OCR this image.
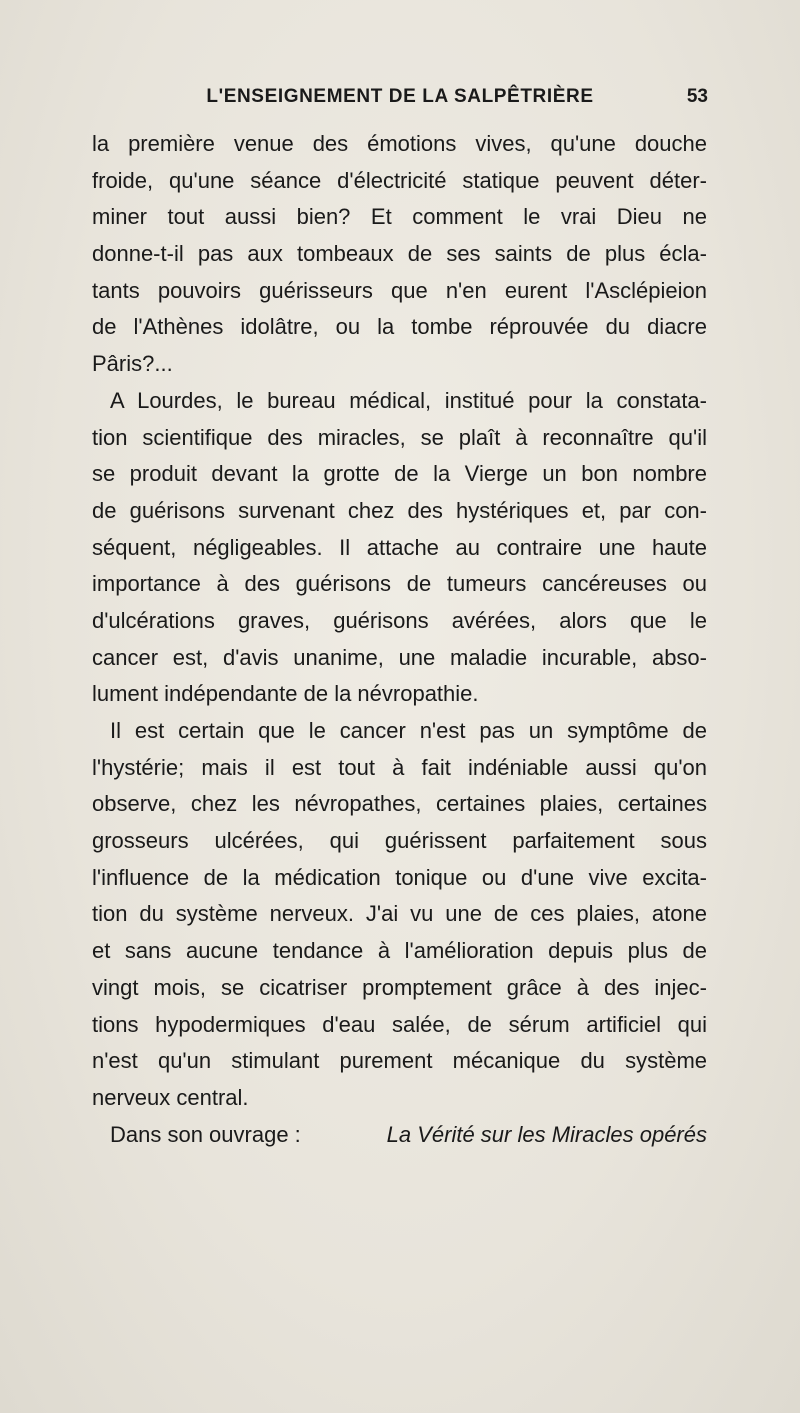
L'ENSEIGNEMENT DE LA SALPÊTRIÈRE	53
la première venue des émotions vives, qu'une douche
froide, qu'une séance d'électricité statique peuvent déter-
miner tout aussi bien? Et comment le vrai Dieu ne
donne-t-il pas aux tombeaux de ses saints de plus écla-
tants pouvoirs guérisseurs que n'en eurent l'Asclépieion
de l'Athènes idolâtre, ou la tombe réprouvée du diacre
Pâris?...
A Lourdes, le bureau médical, institué pour la constata-
tion scientifique des miracles, se plaît à reconnaître qu'il
se produit devant la grotte de la Vierge un bon nombre
de guérisons survenant chez des hystériques et, par con-
séquent, négligeables. Il attache au contraire une haute
importance à des guérisons de tumeurs cancéreuses ou
d'ulcérations graves, guérisons avérées, alors que le
cancer est, d'avis unanime, une maladie incurable, abso-
lument indépendante de la névropathie.
Il est certain que le cancer n'est pas un symptôme de
l'hystérie; mais il est tout à fait indéniable aussi qu'on
observe, chez les névropathes, certaines plaies, certaines
grosseurs ulcérées, qui guérissent parfaitement sous
l'influence de la médication tonique ou d'une vive excita-
tion du système nerveux. J'ai vu une de ces plaies, atone
et sans aucune tendance à l'amélioration depuis plus de
vingt mois, se cicatriser promptement grâce à des injec-
tions hypodermiques d'eau salée, de sérum artificiel qui
n'est qu'un stimulant purement mécanique du système
nerveux central.
Dans son ouvrage :	La Vérité sur les Miracles opérés
